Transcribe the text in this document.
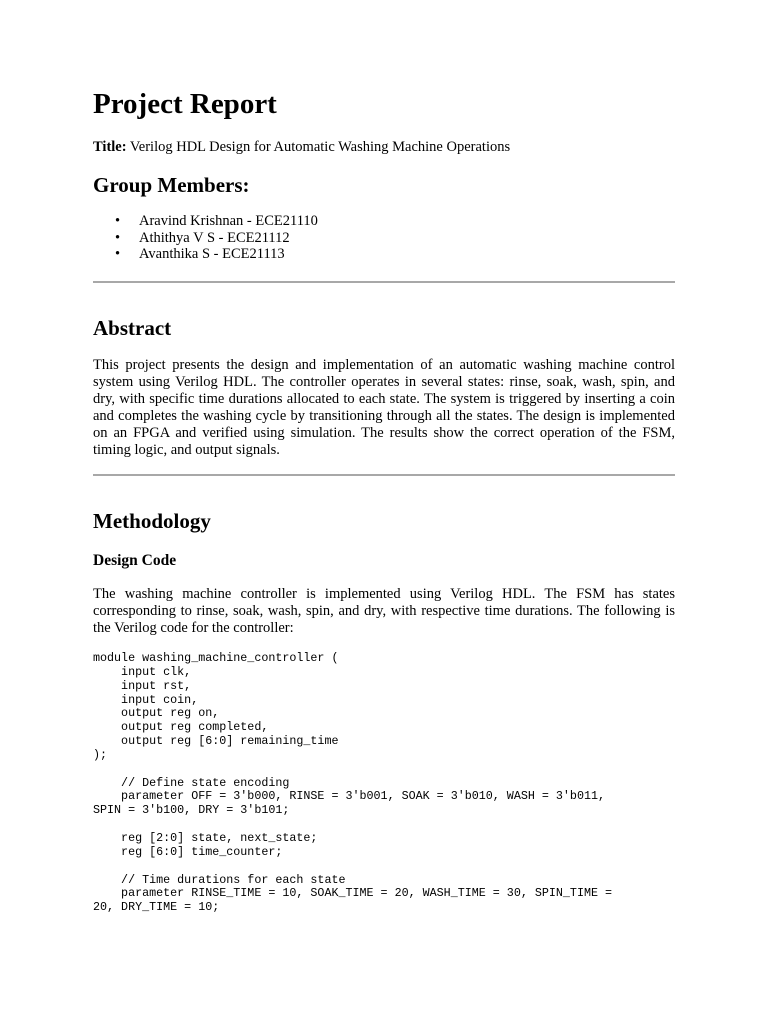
Project Report

Title: Verilog HDL Design for Automatic Washing Machine Operations

Group Members:
• Aravind Krishnan - ECE21110
• Athithya V S - ECE21112
• Avanthika S - ECE21113
Abstract

This project presents the design and implementation of an automatic washing machine control system using Verilog HDL. The controller operates in several states: rinse, soak, wash, spin, and dry, with specific time durations allocated to each state. The system is triggered by inserting a coin and completes the washing cycle by transitioning through all the states. The design is implemented on an FPGA and verified using simulation. The results show the correct operation of the FSM, timing logic, and output signals.

Methodology
Design Code

The washing machine controller is implemented using Verilog HDL. The FSM has states corresponding to rinse, soak, wash, spin, and dry, with respective time durations. The following is the Verilog code for the controller:

module washing_machine_controller (
input clk,
input rst,
input coin,
output reg on,
output reg completed,
output reg [6:0] remaining_time
);

// Define state encoding
parameter OFF = 3'b000, RINSE = 3'b001, SOAK = 3'b010, WASH = 3'b011,
SPIN = 3'b100, DRY = 3'b101;

reg [2:0] state, next_state;
reg [6:0] time_counter;

// Time durations for each state
parameter RINSE_TIME = 10, SOAK_TIME = 20, WASH_TIME = 30, SPIN_TIME =
20, DRY_TIME = 10;
